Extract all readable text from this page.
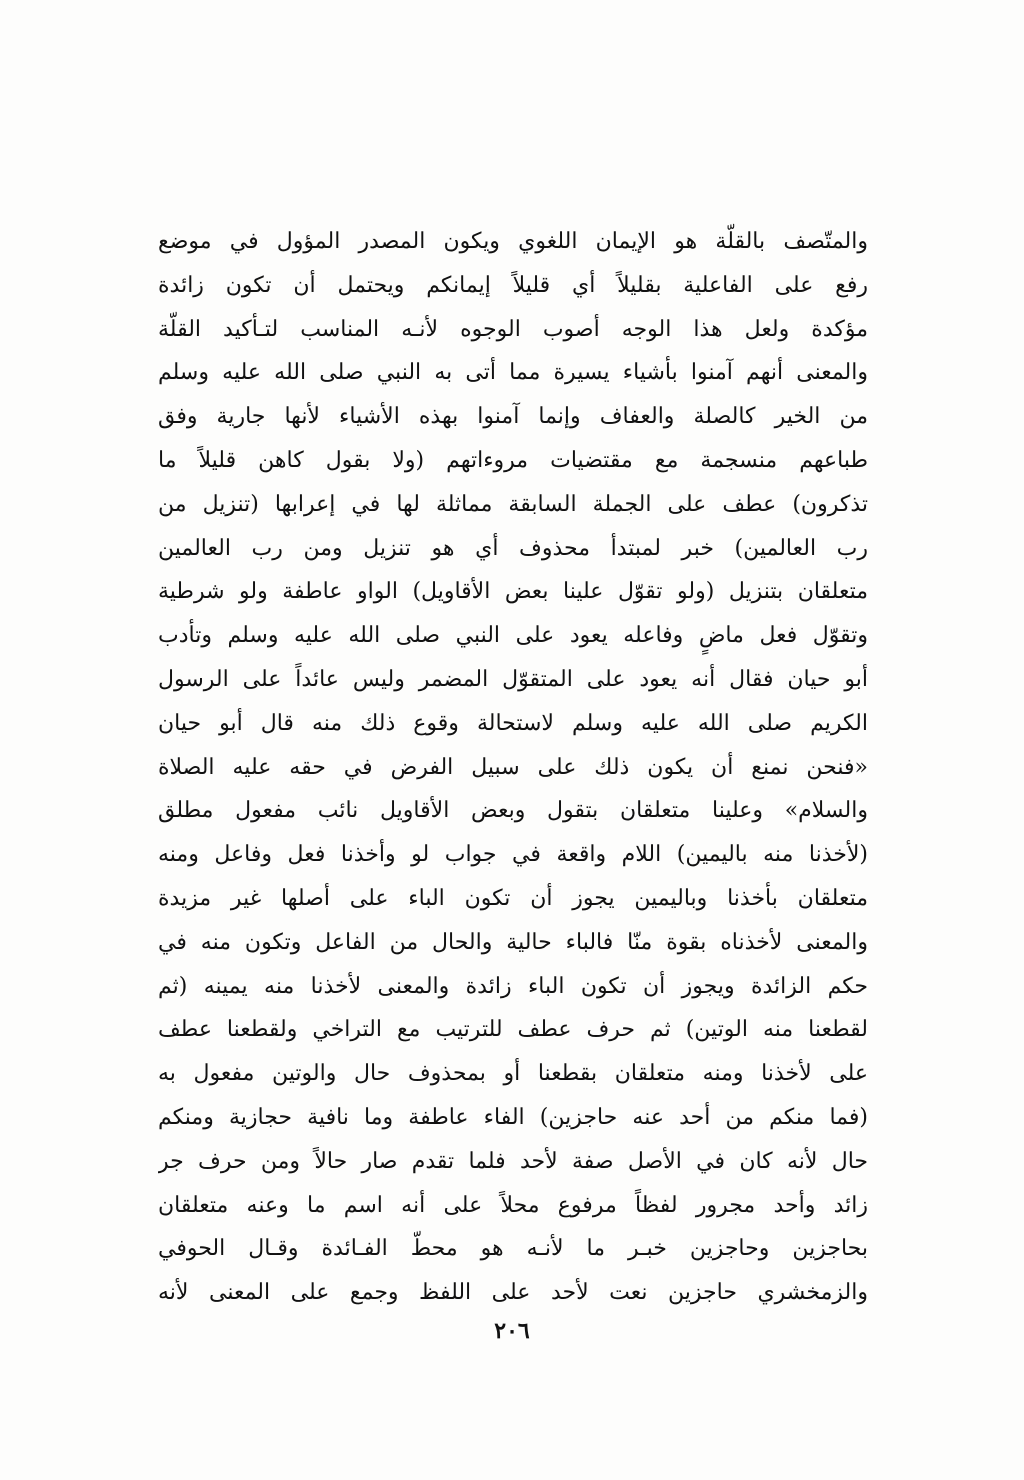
والمتّصف بالقلّة هو الإيمان اللغوي ويكون المصدر المؤول في موضع
رفع على الفاعلية بقليلاً أي قليلاً إيمانكم ويحتمل أن تكون زائدة
مؤكدة ولعل هذا الوجه أصوب الوجوه لأنـه المناسب لتـأكيد القلّة
والمعنى أنهم آمنوا بأشياء يسيرة مما أتى به النبي صلى الله عليه وسلم
من الخير كالصلة والعفاف وإنما آمنوا بهذه الأشياء لأنها جارية وفق
طباعهم منسجمة مع مقتضيات مروءاتهم (ولا بقول كاهن قليلاً ما
تذكرون) عطف على الجملة السابقة مماثلة لها في إعرابها (تنزيل من
رب العالمين) خبر لمبتدأ محذوف أي هو تنزيل ومن رب العالمين
متعلقان بتنزيل (ولو تقوّل علينا بعض الأقاويل) الواو عاطفة ولو شرطية
وتقوّل فعل ماضٍ وفاعله يعود على النبي صلى الله عليه وسلم وتأدب
أبو حيان فقال أنه يعود على المتقوّل المضمر وليس عائداً على الرسول
الكريم صلى الله عليه وسلم لاستحالة وقوع ذلك منه قال أبو حيان
«فنحن نمنع أن يكون ذلك على سبيل الفرض في حقه عليه الصلاة
والسلام» وعلينا متعلقان بتقول وبعض الأقاويل نائب مفعول مطلق
(لأخذنا منه باليمين) اللام واقعة في جواب لو وأخذنا فعل وفاعل ومنه
متعلقان بأخذنا وباليمين يجوز أن تكون الباء على أصلها غير مزيدة
والمعنى لأخذناه بقوة منّا فالباء حالية والحال من الفاعل وتكون منه في
حكم الزائدة ويجوز أن تكون الباء زائدة والمعنى لأخذنا منه يمينه (ثم
لقطعنا منه الوتين) ثم حرف عطف للترتيب مع التراخي ولقطعنا عطف
على لأخذنا ومنه متعلقان بقطعنا أو بمحذوف حال والوتين مفعول به
(فما منكم من أحد عنه حاجزين) الفاء عاطفة وما نافية حجازية ومنكم
حال لأنه كان في الأصل صفة لأحد فلما تقدم صار حالاً ومن حرف جر
زائد وأحد مجرور لفظاً مرفوع محلاً على أنه اسم ما وعنه متعلقان
بحاجزين وحاجزين خبـر ما لأنـه هو محطّ الفـائدة وقـال الحوفي
والزمخشري حاجزين نعت لأحد على اللفظ وجمع على المعنى لأنه
٢٠٦
